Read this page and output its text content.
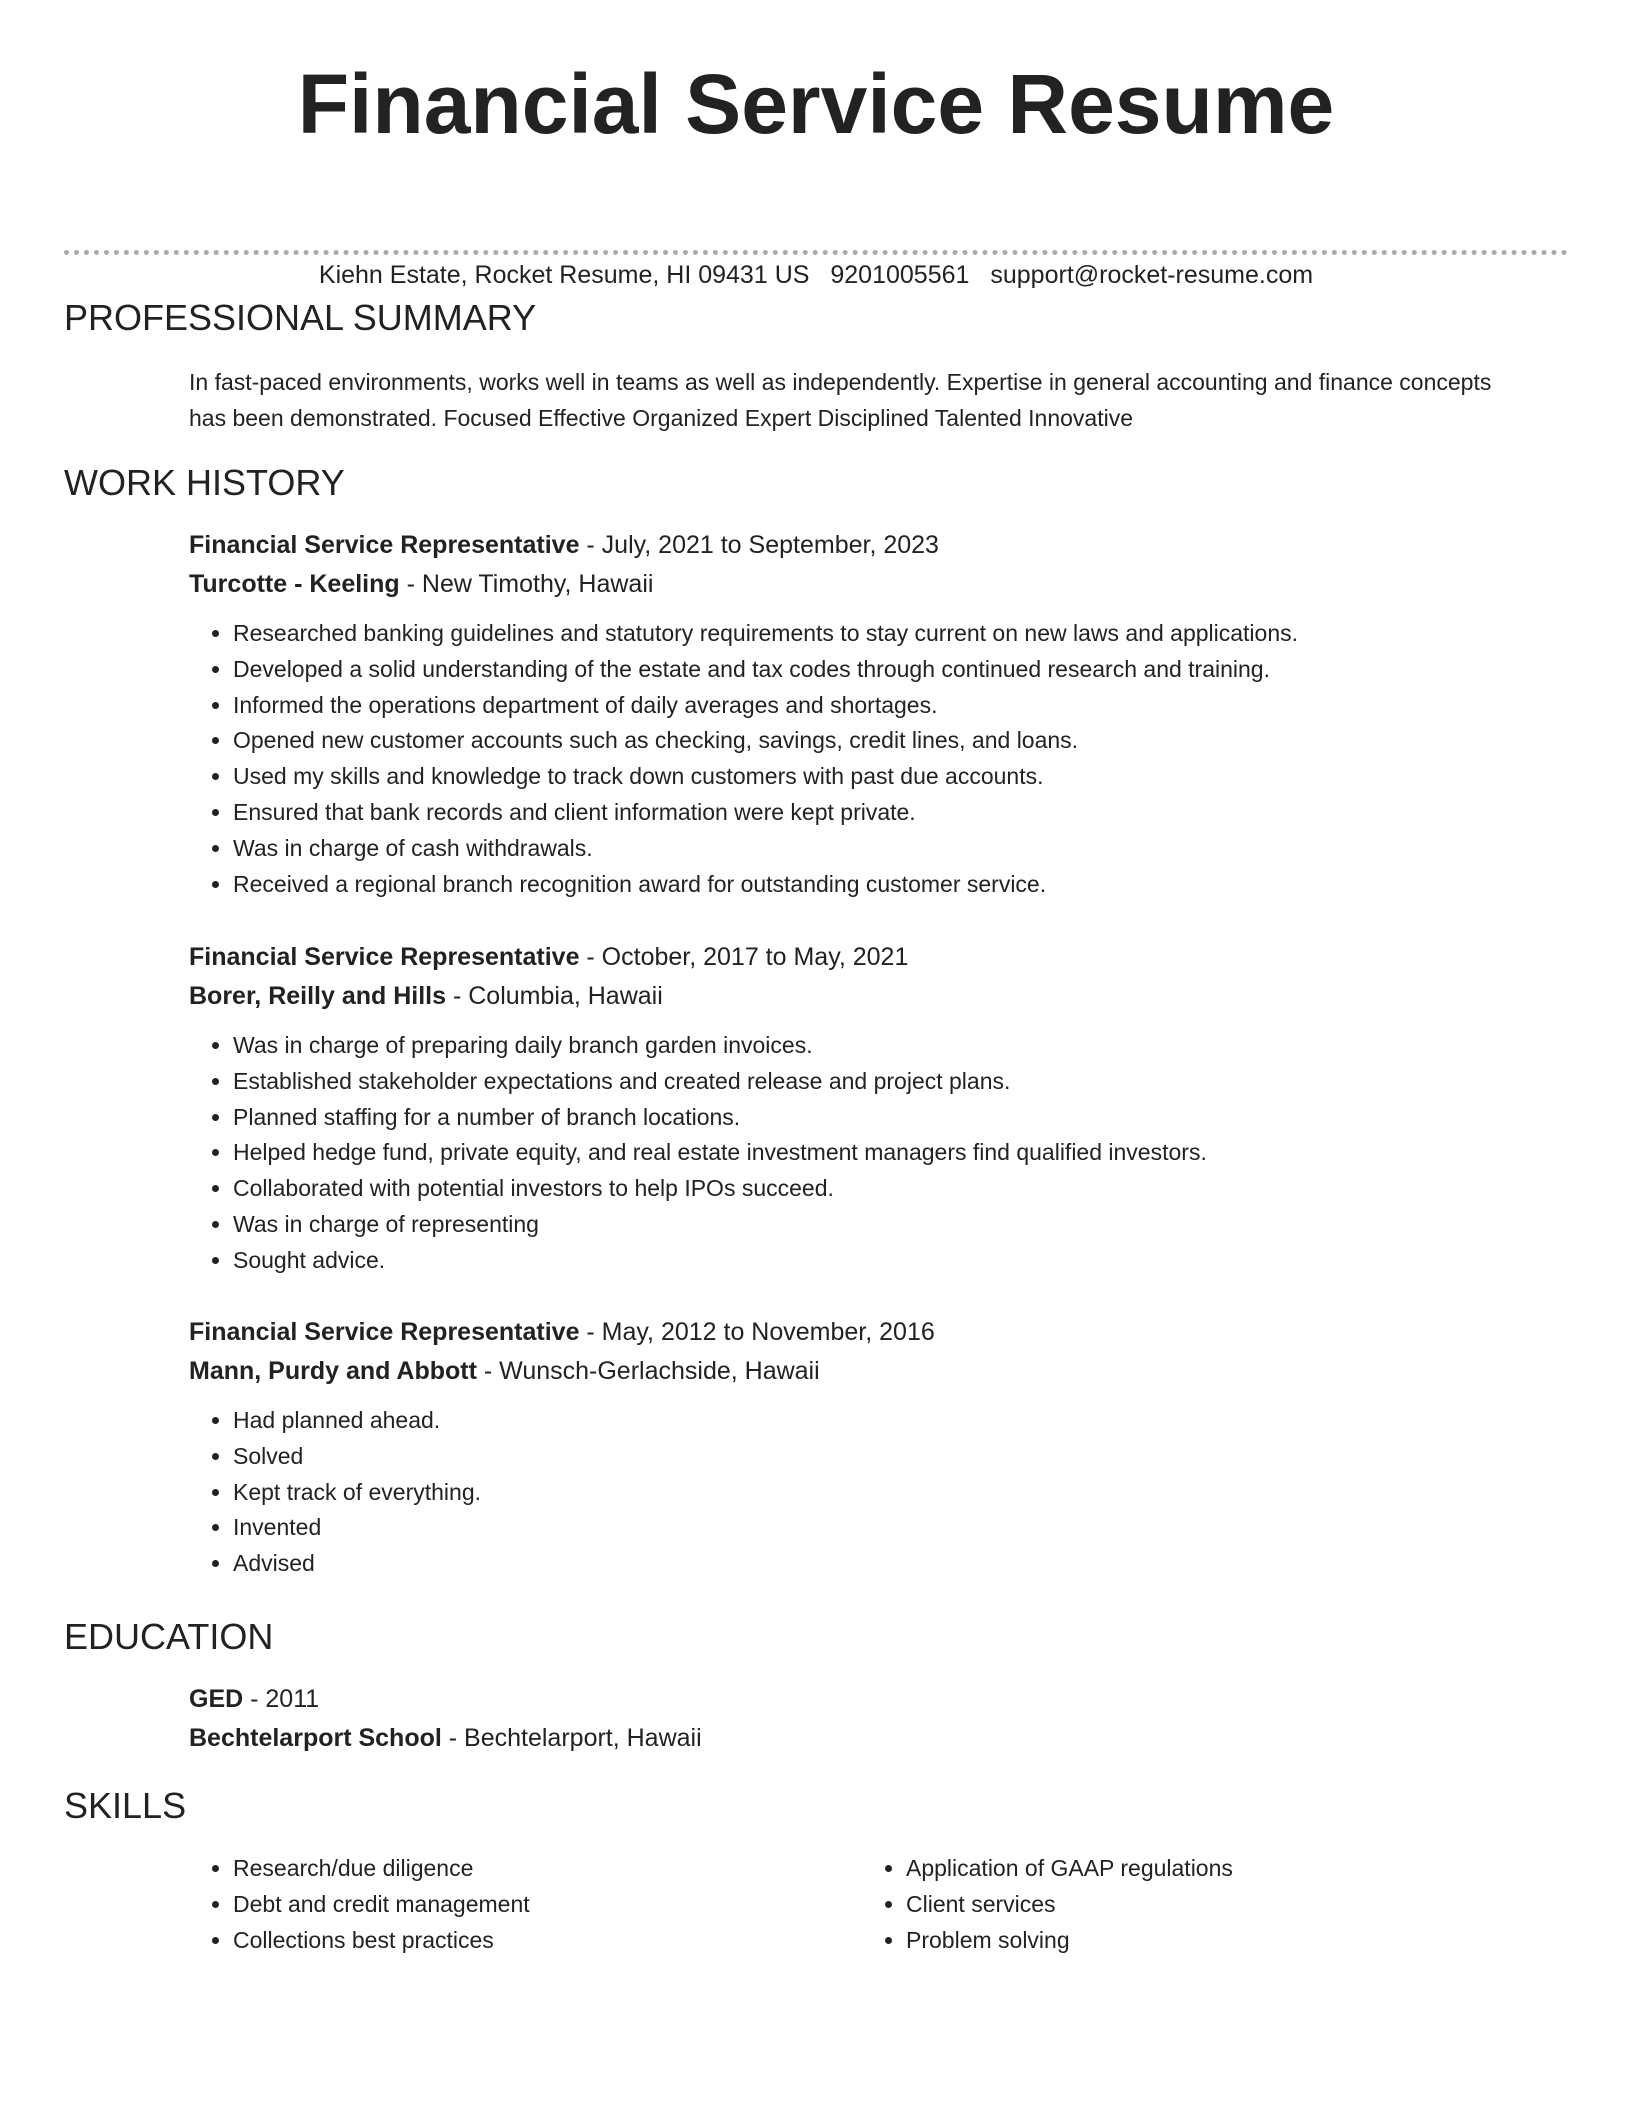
Financial Service Resume
Kiehn Estate, Rocket Resume, HI 09431 US 9201005561 support@rocket-resume.com
PROFESSIONAL SUMMARY

In fast-paced environments, works well in teams as well as independently. Expertise in general accounting and finance concepts has been demonstrated. Focused Effective Organized Expert Disciplined Talented Innovative

WORK HISTORY

Financial Service Representative - July, 2021 to September, 2023

Turcotte - Keeling - New Timothy, Hawaii

• Researched banking guidelines and statutory requirements to stay current on new laws and applications.
• Developed a solid understanding of the estate and tax codes through continued research and training.
• Informed the operations department of daily averages and shortages.
• Opened new customer accounts such as checking, savings, credit lines, and loans.
• Used my skills and knowledge to track down customers with past due accounts.
• Ensured that bank records and client information were kept private.
• Was in charge of cash withdrawals.
• Received a regional branch recognition award for outstanding customer service.

Financial Service Representative - October, 2017 to May, 2021

Borer, Reilly and Hills - Columbia, Hawaii

• Was in charge of preparing daily branch garden invoices.
• Established stakeholder expectations and created release and project plans.
• Planned staffing for a number of branch locations.
• Helped hedge fund, private equity, and real estate investment managers find qualified investors.
• Collaborated with potential investors to help IPOs succeed.
• Was in charge of representing
• Sought advice.

Financial Service Representative - May, 2012 to November, 2016

Mann, Purdy and Abbott - Wunsch-Gerlachside, Hawaii

• Had planned ahead.
• Solved
• Kept track of everything.
• Invented
• Advised
EDUCATION

GED - 2011

Bechtelarport School - Bechtelarport, Hawaii

SKILLS
• Research/due diligence
• Debt and credit management
• Collections best practices
• Application of GAAP regulations
• Client services
• Problem solving
